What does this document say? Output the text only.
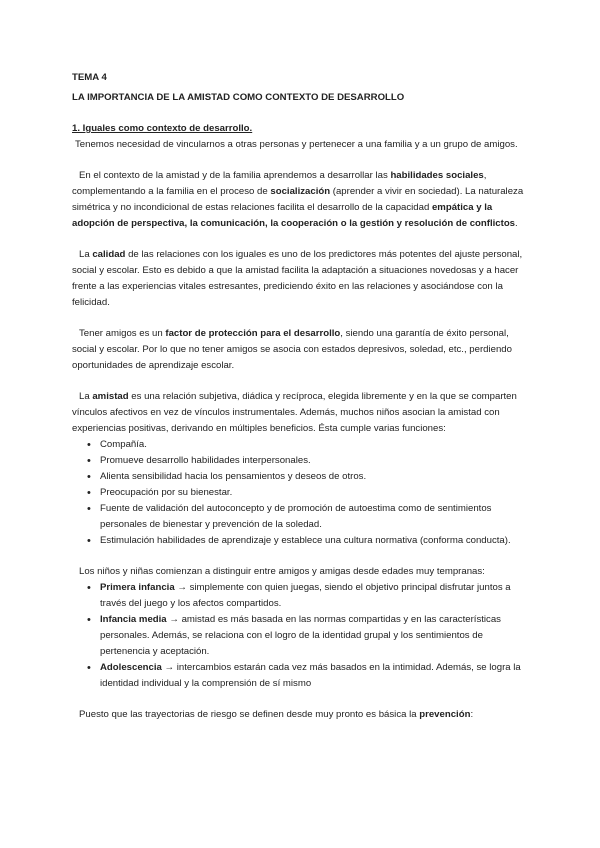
TEMA 4

LA IMPORTANCIA DE LA AMISTAD COMO CONTEXTO DE DESARROLLO

1. Iguales como contexto de desarrollo.

Tenemos necesidad de vincularnos a otras personas y pertenecer a una familia y a un grupo de amigos.

En el contexto de la amistad y de la familia aprendemos a desarrollar las habilidades sociales, complementando a la familia en el proceso de socialización (aprender a vivir en sociedad). La naturaleza simétrica y no incondicional de estas relaciones facilita el desarrollo de la capacidad empática y la adopción de perspectiva, la comunicación, la cooperación o la gestión y resolución de conflictos.

La calidad de las relaciones con los iguales es uno de los predictores más potentes del ajuste personal, social y escolar. Esto es debido a que la amistad facilita la adaptación a situaciones novedosas y a hacer frente a las experiencias vitales estresantes, prediciendo éxito en las relaciones y asociándose con la felicidad.

Tener amigos es un factor de protección para el desarrollo, siendo una garantía de éxito personal, social y escolar. Por lo que no tener amigos se asocia con estados depresivos, soledad, etc., perdiendo oportunidades de aprendizaje escolar.

La amistad es una relación subjetiva, diádica y recíproca, elegida libremente y en la que se comparten vínculos afectivos en vez de vínculos instrumentales. Además, muchos niños asocian la amistad con experiencias positivas, derivando en múltiples beneficios. Ésta cumple varias funciones:

• Compañía.
• Promueve desarrollo habilidades interpersonales.
• Alienta sensibilidad hacia los pensamientos y deseos de otros.
• Preocupación por su bienestar.
• Fuente de validación del autoconcepto y de promoción de autoestima como de sentimientos personales de bienestar y prevención de la soledad.
• Estimulación habilidades de aprendizaje y establece una cultura normativa (conforma conducta).

Los niños y niñas comienzan a distinguir entre amigos y amigas desde edades muy tempranas:

• Primera infancia → simplemente con quien juegas, siendo el objetivo principal disfrutar juntos a través del juego y los afectos compartidos.
• Infancia media → amistad es más basada en las normas compartidas y en las características personales. Además, se relaciona con el logro de la identidad grupal y los sentimientos de pertenencia y aceptación.
• Adolescencia → intercambios estarán cada vez más basados en la intimidad. Además, se logra la identidad individual y la comprensión de sí mismo

Puesto que las trayectorias de riesgo se definen desde muy pronto es básica la prevención:
